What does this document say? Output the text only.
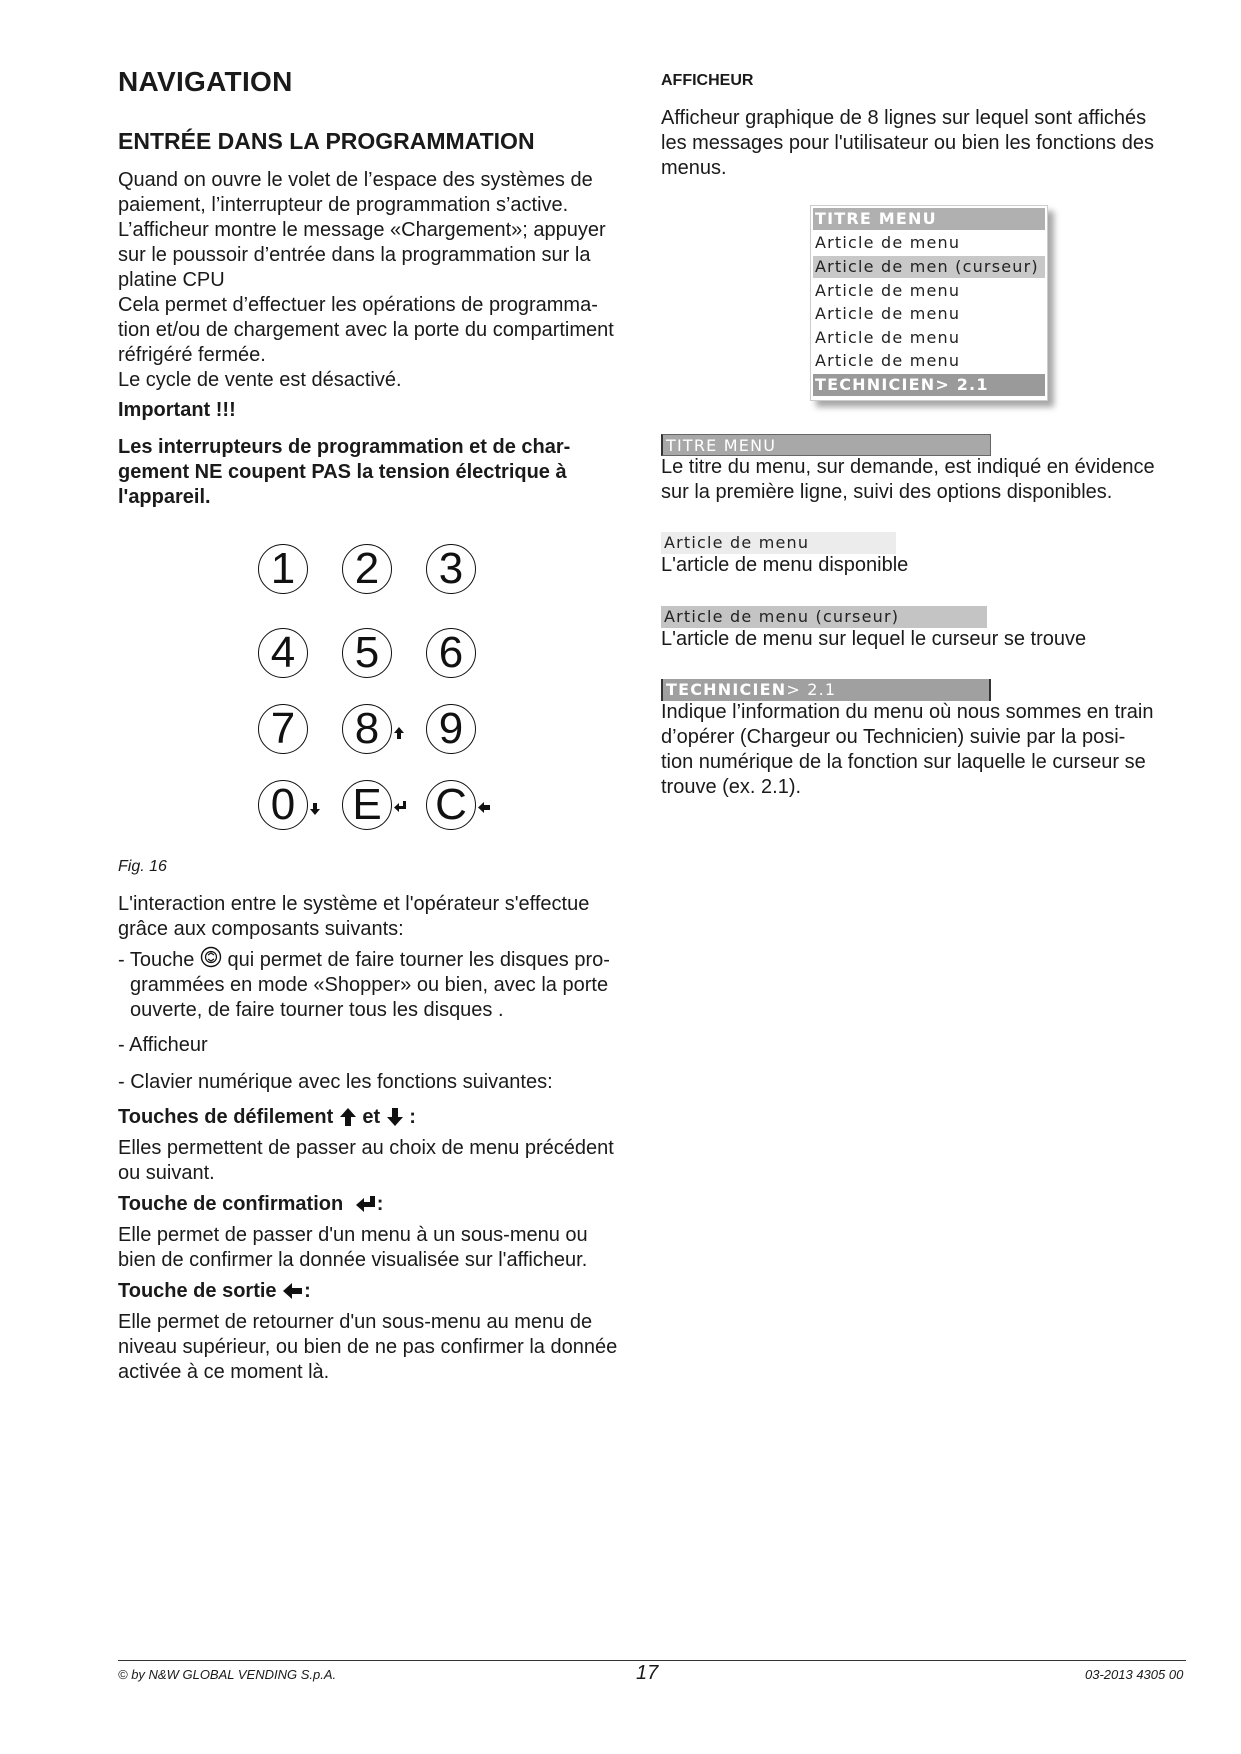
NAVIGATION
ENTRÉE DANS LA PROGRAMMATION
Quand on ouvre le volet de l’espace des systèmes de
paiement, l’interrupteur de programmation s’active.
L’afficheur montre le message «Chargement»; appuyer
sur le poussoir d’entrée dans la programmation sur la
platine CPU
Cela permet d’effectuer les opérations de programma-
tion et/ou de chargement avec la porte du compartiment
réfrigéré fermée.
Le cycle de vente est désactivé.
Important !!!
Les interrupteurs de programmation et de char-
gement NE coupent PAS la tension électrique à
l'appareil.
1 2 3
4 5 6
7 8 9
0 E C
Fig. 16
L'interaction entre le système et l'opérateur s'effectue
grâce aux composants suivants:
- Touche qui permet de faire tourner les disques pro-
grammées en mode «Shopper» ou bien, avec la porte
ouverte, de faire tourner tous les disques .
- Afficheur
- Clavier numérique avec les fonctions suivantes:
Touches de défilement et :
Elles permettent de passer au choix de menu précédent
ou suivant.
Touche de confirmation :
Elle permet de passer d'un menu à un sous-menu ou
bien de confirmer la donnée visualisée sur l'afficheur.
Touche de sortie :
Elle permet de retourner d'un sous-menu au menu de
niveau supérieur, ou bien de ne pas confirmer la donnée
activée à ce moment là.
AFFICHEUR
Afficheur graphique de 8 lignes sur lequel sont affichés
les messages pour l'utilisateur ou bien les fonctions des
menus.
TITRE MENU
Article de menu
Article de men (curseur)
Article de menu
Article de menu
Article de menu
Article de menu
TECHNICIEN> 2.1
TITRE MENU
Le titre du menu, sur demande, est indiqué en évidence
sur la première ligne, suivi des options disponibles.
Article de menu
L'article de menu disponible
Article de menu (curseur)
L'article de menu sur lequel le curseur se trouve
TECHNICIEN> 2.1
Indique l’information du menu où nous sommes en train
d’opérer (Chargeur ou Technicien) suivie par la posi-
tion numérique de la fonction sur laquelle le curseur se
trouve (ex. 2.1).
© by N&W GLOBAL VENDING S.p.A.	17	03-2013 4305 00
